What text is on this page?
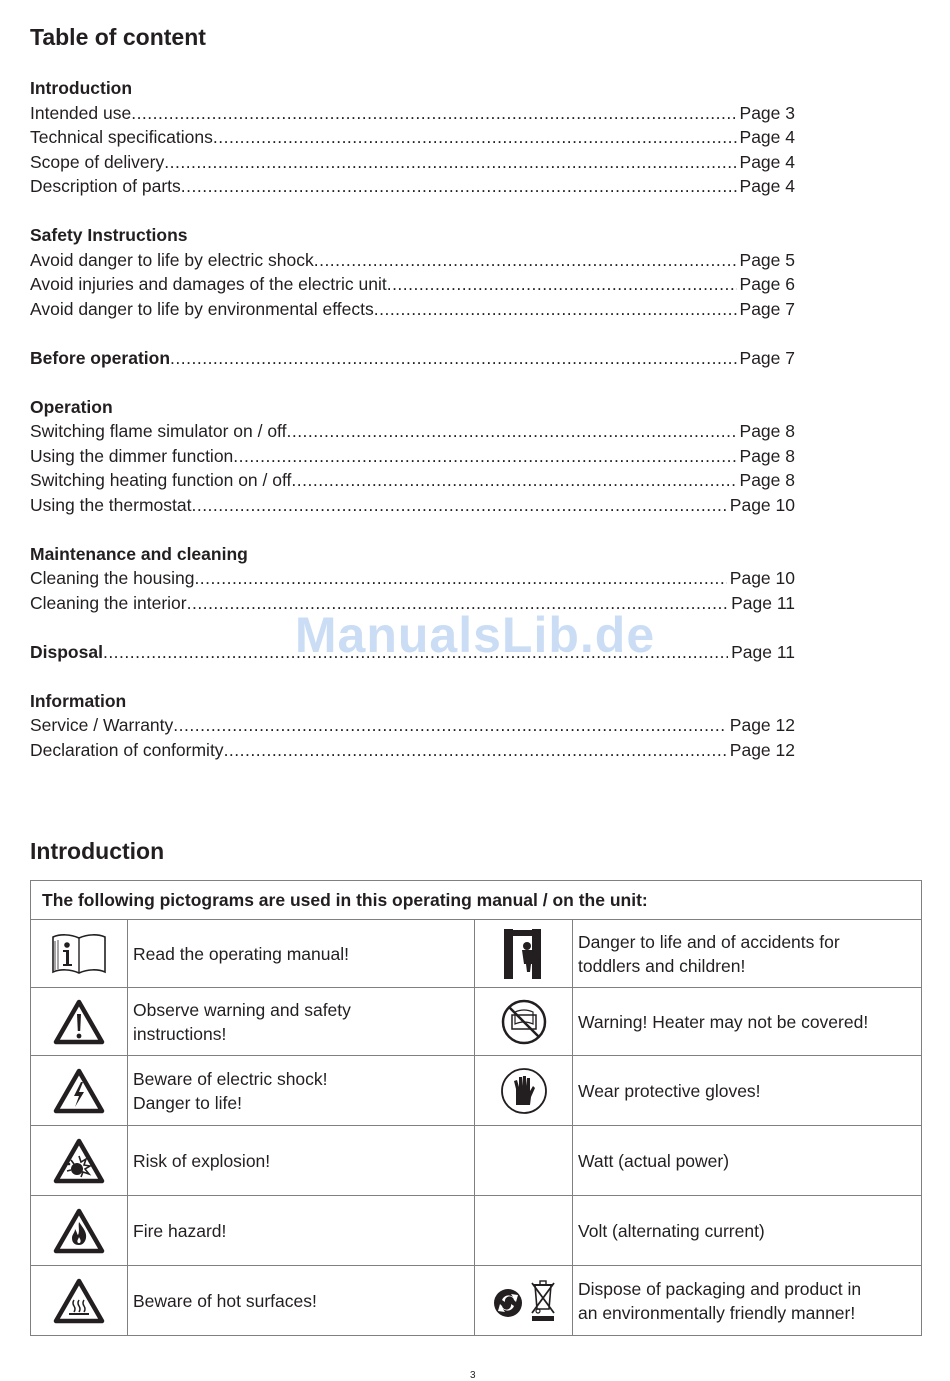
Table of content
Introduction
Intended use .....	Page 3
Technical specifications .....	Page 4
Scope of delivery .....	Page 4
Description of parts .....	Page 4
Safety Instructions
Avoid danger to life by electric shock .....	Page 5
Avoid injuries and damages of the electric unit .....	Page 6
Avoid danger to life by environmental effects .....	Page 7
Before operation .....	Page 7
Operation
Switching flame simulator on / off .....	Page 8
Using the dimmer function .....	Page 8
Switching heating function on / off .....	Page 8
Using the thermostat .....	Page 10
Maintenance and cleaning
Cleaning the housing .....	Page 10
Cleaning the interior .....	Page 11
Disposal .....	Page 11
Information
Service / Warranty .....	Page 12
Declaration of conformity .....	Page 12
ManualsLib.de
Introduction
The following pictograms are used in this operating manual / on the unit:			

	Read the operating manual!		Danger to life and of accidents for
toddlers and children!

	Observe warning and safety
instructions!		Warning! Heater may not be covered!

	Beware of electric shock!
Danger to life!		Wear protective gloves!

	Risk of explosion!		Watt (actual power)

	Fire hazard!		Volt (alternating current)

	Beware of hot surfaces!		Dispose of packaging and product in
an environmentally friendly manner!
3
